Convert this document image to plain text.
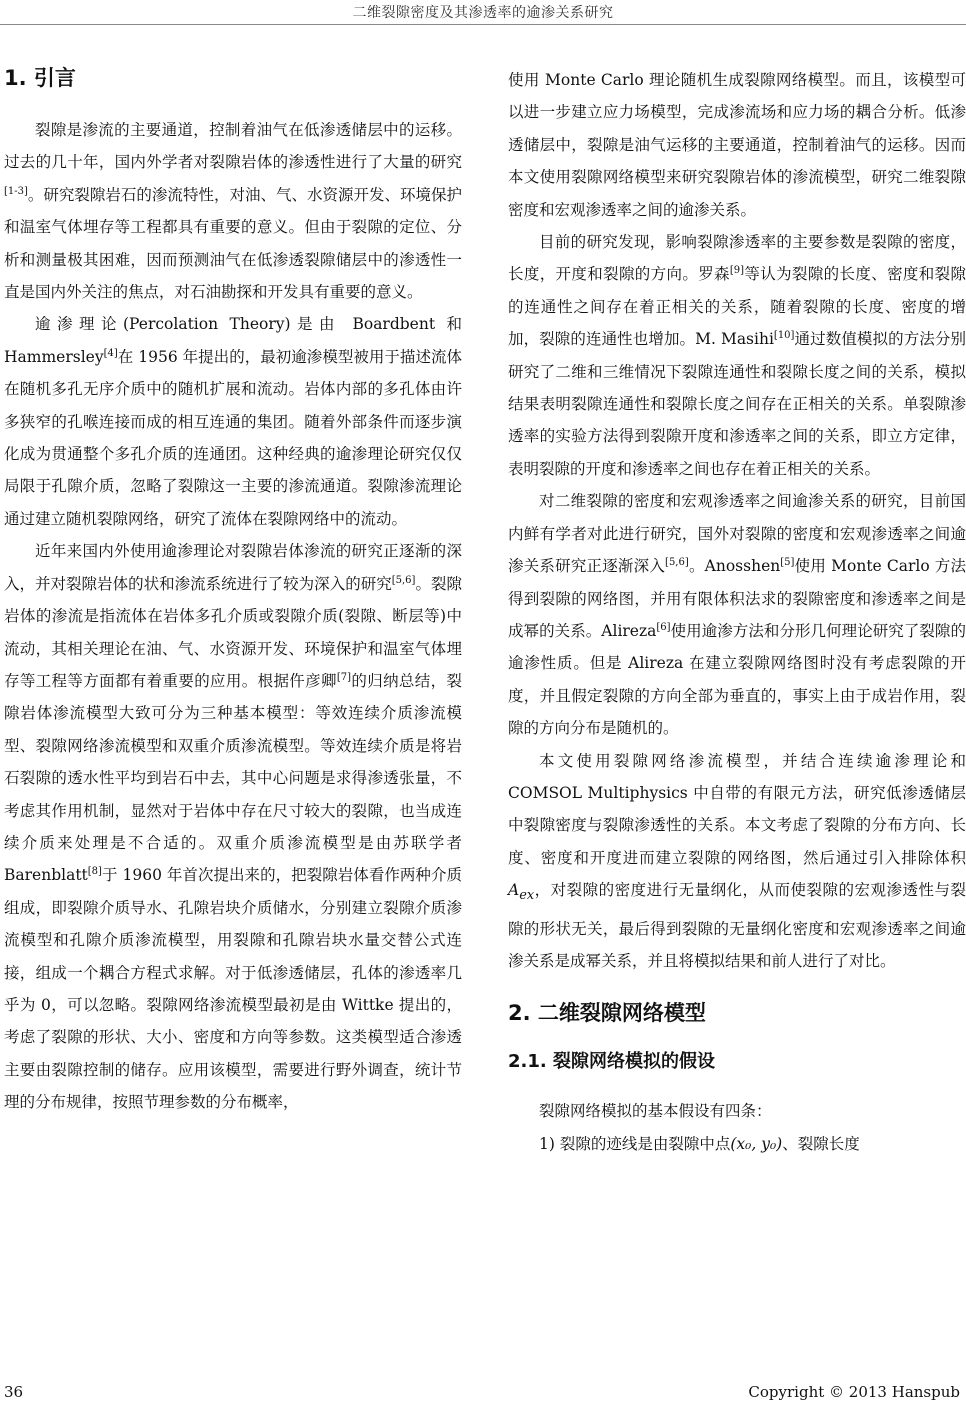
二维裂隙密度及其渗透率的逾渗关系研究
1. 引言

裂隙是渗流的主要通道，控制着油气在低渗透储层中的运移。过去的几十年，国内外学者对裂隙岩体的渗透性进行了大量的研究[1-3]。研究裂隙岩石的渗流特性，对油、气、水资源开发、环境保护和温室气体埋存等工程都具有重要的意义。但由于裂隙的定位、分析和测量极其困难，因而预测油气在低渗透裂隙储层中的渗透性一直是国内外关注的焦点，对石油勘探和开发具有重要的意义。

逾渗理论(Percolation Theory)是由 Boardbent 和 Hammersley[4]在 1956 年提出的，最初逾渗模型被用于描述流体在随机多孔无序介质中的随机扩展和流动。岩体内部的多孔体由许多狭窄的孔喉连接而成的相互连通的集团。随着外部条件而逐步演化成为贯通整个多孔介质的连通团。这种经典的逾渗理论研究仅仅局限于孔隙介质，忽略了裂隙这一主要的渗流通道。裂隙渗流理论通过建立随机裂隙网络，研究了流体在裂隙网络中的流动。

近年来国内外使用逾渗理论对裂隙岩体渗流的研究正逐渐的深入，并对裂隙岩体的状和渗流系统进行了较为深入的研究[5,6]。裂隙岩体的渗流是指流体在岩体多孔介质或裂隙介质(裂隙、断层等)中流动，其相关理论在油、气、水资源开发、环境保护和温室气体埋存等工程等方面都有着重要的应用。根据仵彦卿[7]的归纳总结，裂隙岩体渗流模型大致可分为三种基本模型：等效连续介质渗流模型、裂隙网络渗流模型和双重介质渗流模型。等效连续介质是将岩石裂隙的透水性平均到岩石中去，其中心问题是求得渗透张量，不考虑其作用机制，显然对于岩体中存在尺寸较大的裂隙，也当成连续介质来处理是不合适的。双重介质渗流模型是由苏联学者 Barenblatt[8]于 1960 年首次提出来的，把裂隙岩体看作两种介质组成，即裂隙介质导水、孔隙岩块介质储水，分别建立裂隙介质渗流模型和孔隙介质渗流模型，用裂隙和孔隙岩块水量交替公式连接，组成一个耦合方程式求解。对于低渗透储层，孔体的渗透率几乎为 0，可以忽略。裂隙网络渗流模型最初是由 Wittke 提出的，考虑了裂隙的形状、大小、密度和方向等参数。这类模型适合渗透主要由裂隙控制的储存。应用该模型，需要进行野外调查，统计节理的分布规律，按照节理参数的分布概率，

使用 Monte Carlo 理论随机生成裂隙网络模型。而且，该模型可以进一步建立应力场模型，完成渗流场和应力场的耦合分析。低渗透储层中，裂隙是油气运移的主要通道，控制着油气的运移。因而本文使用裂隙网络模型来研究裂隙岩体的渗流模型，研究二维裂隙密度和宏观渗透率之间的逾渗关系。

目前的研究发现，影响裂隙渗透率的主要参数是裂隙的密度，长度，开度和裂隙的方向。罗森[9]等认为裂隙的长度、密度和裂隙的连通性之间存在着正相关的关系，随着裂隙的长度、密度的增加，裂隙的连通性也增加。M. Masihi[10]通过数值模拟的方法分别研究了二维和三维情况下裂隙连通性和裂隙长度之间的关系，模拟结果表明裂隙连通性和裂隙长度之间存在正相关的关系。单裂隙渗透率的实验方法得到裂隙开度和渗透率之间的关系，即立方定律，表明裂隙的开度和渗透率之间也存在着正相关的关系。

对二维裂隙的密度和宏观渗透率之间逾渗关系的研究，目前国内鲜有学者对此进行研究，国外对裂隙的密度和宏观渗透率之间逾渗关系研究正逐渐深入[5,6]。Anosshen[5]使用 Monte Carlo 方法得到裂隙的网络图，并用有限体积法求的裂隙密度和渗透率之间是成幂的关系。Alireza[6]使用逾渗方法和分形几何理论研究了裂隙的逾渗性质。但是 Alireza 在建立裂隙网络图时没有考虑裂隙的开度，并且假定裂隙的方向全部为垂直的，事实上由于成岩作用，裂隙的方向分布是随机的。

本文使用裂隙网络渗流模型，并结合连续逾渗理论和 COMSOL Multiphysics 中自带的有限元方法，研究低渗透储层中裂隙密度与裂隙渗透性的关系。本文考虑了裂隙的分布方向、长度、密度和开度进而建立裂隙的网络图，然后通过引入排除体积 $A_{ex}$，对裂隙的密度进行无量纲化，从而使裂隙的宏观渗透性与裂隙的形状无关，最后得到裂隙的无量纲化密度和宏观渗透率之间逾渗关系是成幂关系，并且将模拟结果和前人进行了对比。

2. 二维裂隙网络模型
2.1. 裂隙网络模拟的假设

裂隙网络模拟的基本假设有四条：

1) 裂隙的迹线是由裂隙中点(x₀, y₀)、裂隙长度

36	Copyright © 2013 Hanspub
